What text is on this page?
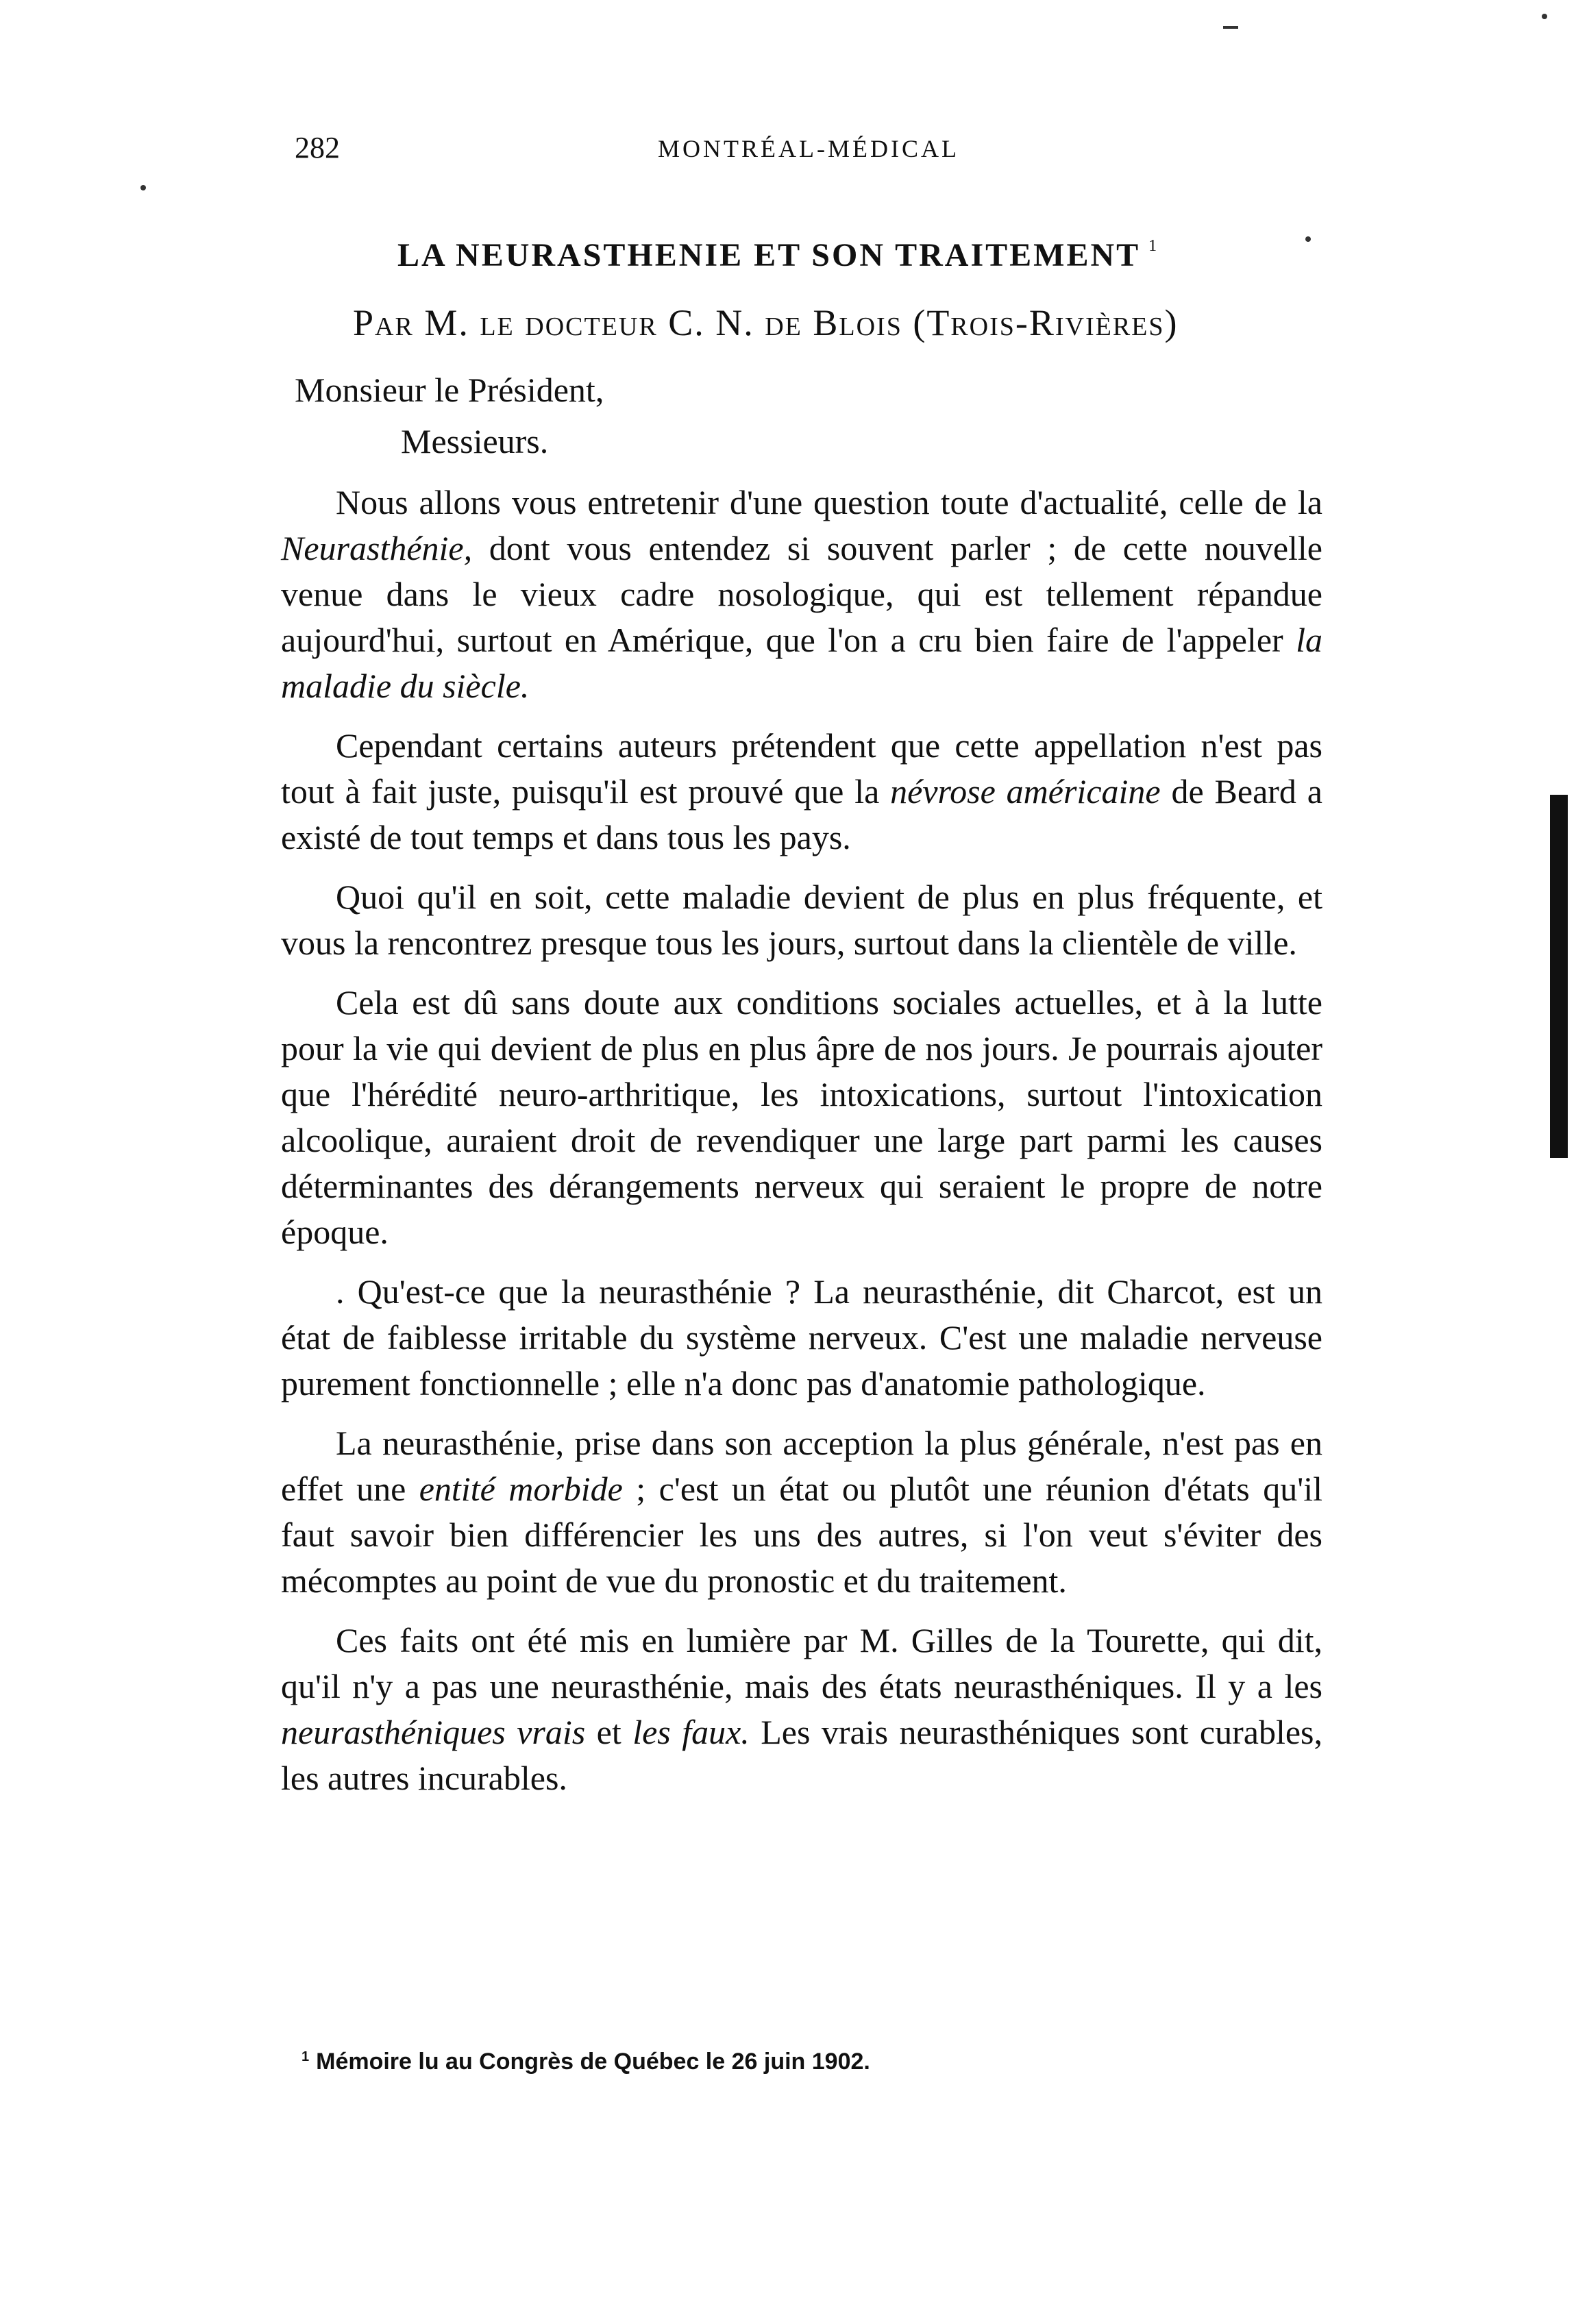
282	MONTRÉAL-MÉDICAL
LA NEURASTHENIE ET SON TRAITEMENT $^1$
Par M. le docteur C. N. de Blois (Trois-Rivières)
Monsieur le Président,
Messieurs.

Nous allons vous entretenir d'une question toute d'actualité, celle de la Neurasthénie, dont vous entendez si souvent parler ; de cette nouvelle venue dans le vieux cadre nosologique, qui est tellement répandue aujourd'hui, surtout en Amérique, que l'on a cru bien faire de l'appeler la maladie du siècle.

Cependant certains auteurs prétendent que cette appellation n'est pas tout à fait juste, puisqu'il est prouvé que la névrose américaine de Beard a existé de tout temps et dans tous les pays.

Quoi qu'il en soit, cette maladie devient de plus en plus fréquente, et vous la rencontrez presque tous les jours, surtout dans la clientèle de ville.

Cela est dû sans doute aux conditions sociales actuelles, et à la lutte pour la vie qui devient de plus en plus âpre de nos jours. Je pourrais ajouter que l'hérédité neuro-arthritique, les intoxications, surtout l'intoxication alcoolique, auraient droit de revendiquer une large part parmi les causes déterminantes des dérangements nerveux qui seraient le propre de notre époque.

. Qu'est-ce que la neurasthénie ? La neurasthénie, dit Charcot, est un état de faiblesse irritable du système nerveux. C'est une maladie nerveuse purement fonctionnelle ; elle n'a donc pas d'anatomie pathologique.

La neurasthénie, prise dans son acception la plus générale, n'est pas en effet une entité morbide ; c'est un état ou plutôt une réunion d'états qu'il faut savoir bien différencier les uns des autres, si l'on veut s'éviter des mécomptes au point de vue du pronostic et du traitement.

Ces faits ont été mis en lumière par M. Gilles de la Tourette, qui dit, qu'il n'y a pas une neurasthénie, mais des états neurasthéniques. Il y a les neurasthéniques vrais et les faux. Les vrais neurasthéniques sont curables, les autres incurables.

$^1$ Mémoire lu au Congrès de Québec le 26 juin 1902.
